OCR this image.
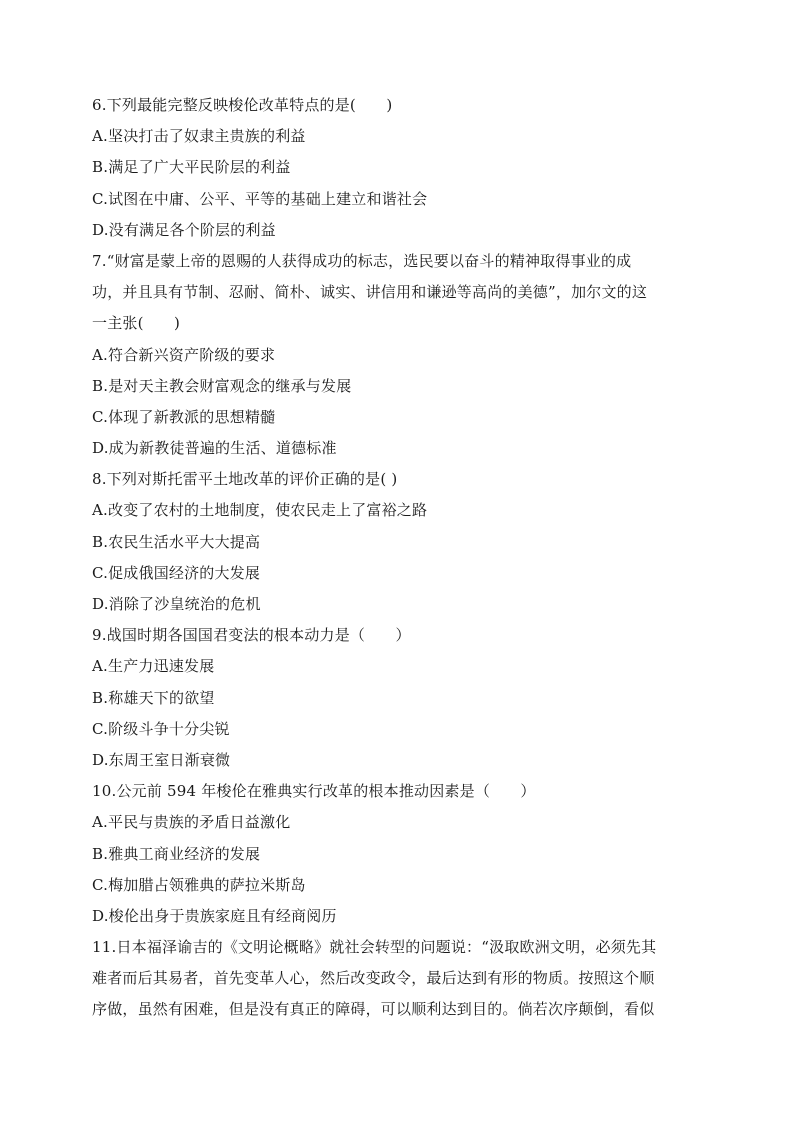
6.下列最能完整反映梭伦改革特点的是(　　)
A.坚决打击了奴隶主贵族的利益
B.满足了广大平民阶层的利益
C.试图在中庸、公平、平等的基础上建立和谐社会
D.没有满足各个阶层的利益
7.“财富是蒙上帝的恩赐的人获得成功的标志，选民要以奋斗的精神取得事业的成
功，并且具有节制、忍耐、简朴、诚实、讲信用和谦逊等高尚的美德”，加尔文的这
一主张(　　)
A.符合新兴资产阶级的要求
B.是对天主教会财富观念的继承与发展
C.体现了新教派的思想精髓
D.成为新教徒普遍的生活、道德标准
8.下列对斯托雷平土地改革的评价正确的是( )
A.改变了农村的土地制度，使农民走上了富裕之路
B.农民生活水平大大提高
C.促成俄国经济的大发展
D.消除了沙皇统治的危机
9.战国时期各国国君变法的根本动力是（　　）
A.生产力迅速发展
B.称雄天下的欲望
C.阶级斗争十分尖锐
D.东周王室日渐衰微
10.公元前 594 年梭伦在雅典实行改革的根本推动因素是（　　）
A.平民与贵族的矛盾日益激化
B.雅典工商业经济的发展
C.梅加腊占领雅典的萨拉米斯岛
D.梭伦出身于贵族家庭且有经商阅历
11.日本福泽谕吉的《文明论概略》就社会转型的问题说：“汲取欧洲文明，必须先其
难者而后其易者，首先变革人心，然后改变政令，最后达到有形的物质。按照这个顺
序做，虽然有困难，但是没有真正的障碍，可以顺利达到目的。倘若次序颠倒，看似
